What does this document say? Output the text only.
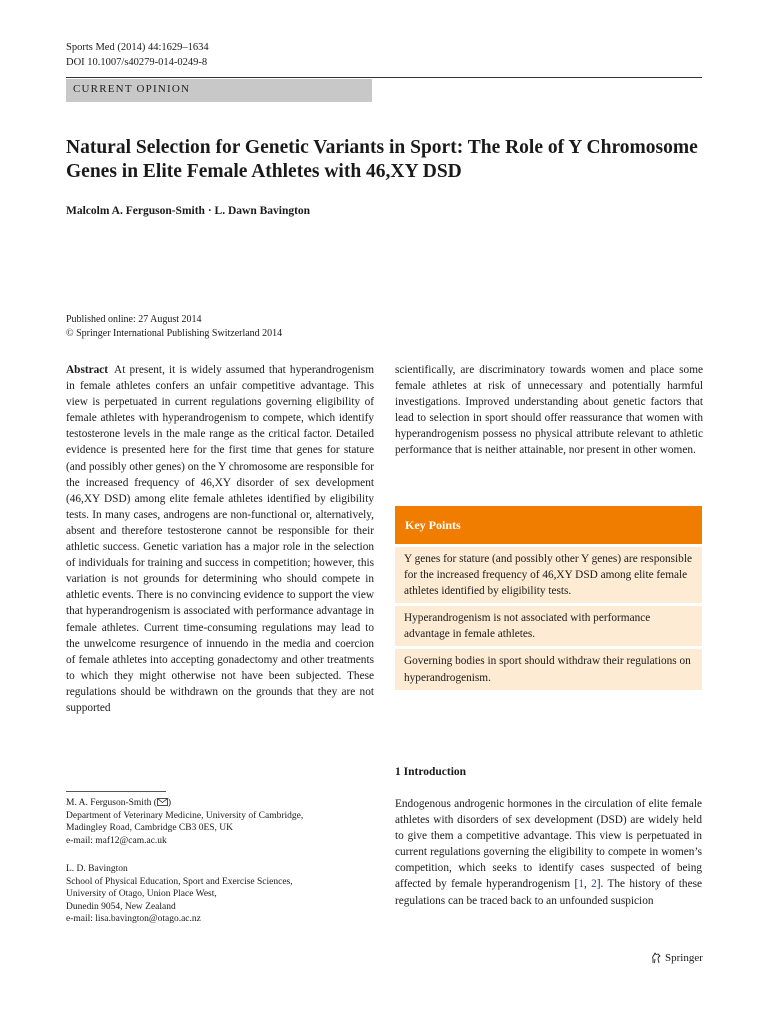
Sports Med (2014) 44:1629–1634
DOI 10.1007/s40279-014-0249-8
CURRENT OPINION
Natural Selection for Genetic Variants in Sport: The Role of Y Chromosome Genes in Elite Female Athletes with 46,XY DSD
Malcolm A. Ferguson-Smith · L. Dawn Bavington
Published online: 27 August 2014
© Springer International Publishing Switzerland 2014
Abstract At present, it is widely assumed that hyperandrogenism in female athletes confers an unfair competitive advantage. This view is perpetuated in current regulations governing eligibility of female athletes with hyperandrogenism to compete, which identify testosterone levels in the male range as the critical factor. Detailed evidence is presented here for the first time that genes for stature (and possibly other genes) on the Y chromosome are responsible for the increased frequency of 46,XY disorder of sex development (46,XY DSD) among elite female athletes identified by eligibility tests. In many cases, androgens are non-functional or, alternatively, absent and therefore testosterone cannot be responsible for their athletic success. Genetic variation has a major role in the selection of individuals for training and success in competition; however, this variation is not grounds for determining who should compete in athletic events. There is no convincing evidence to support the view that hyperandrogenism is associated with performance advantage in female athletes. Current time-consuming regulations may lead to the unwelcome resurgence of innuendo in the media and coercion of female athletes into accepting gonadectomy and other treatments to which they might otherwise not have been subjected. These regulations should be withdrawn on the grounds that they are not supported
scientifically, are discriminatory towards women and place some female athletes at risk of unnecessary and potentially harmful investigations. Improved understanding about genetic factors that lead to selection in sport should offer reassurance that women with hyperandrogenism possess no physical attribute relevant to athletic performance that is neither attainable, nor present in other women.
Key Points
Y genes for stature (and possibly other Y genes) are responsible for the increased frequency of 46,XY DSD among elite female athletes identified by eligibility tests.
Hyperandrogenism is not associated with performance advantage in female athletes.
Governing bodies in sport should withdraw their regulations on hyperandrogenism.
1 Introduction
Endogenous androgenic hormones in the circulation of elite female athletes with disorders of sex development (DSD) are widely held to give them a competitive advantage. This view is perpetuated in current regulations governing the eligibility to compete in women’s competition, which seeks to identify cases suspected of being affected by female hyperandrogenism [1, 2]. The history of these regulations can be traced back to an unfounded suspicion
M. A. Ferguson-Smith ( )
Department of Veterinary Medicine, University of Cambridge,
Madingley Road, Cambridge CB3 0ES, UK
e-mail: maf12@cam.ac.uk
L. D. Bavington
School of Physical Education, Sport and Exercise Sciences,
University of Otago, Union Place West,
Dunedin 9054, New Zealand
e-mail: lisa.bavington@otago.ac.nz
Springer
